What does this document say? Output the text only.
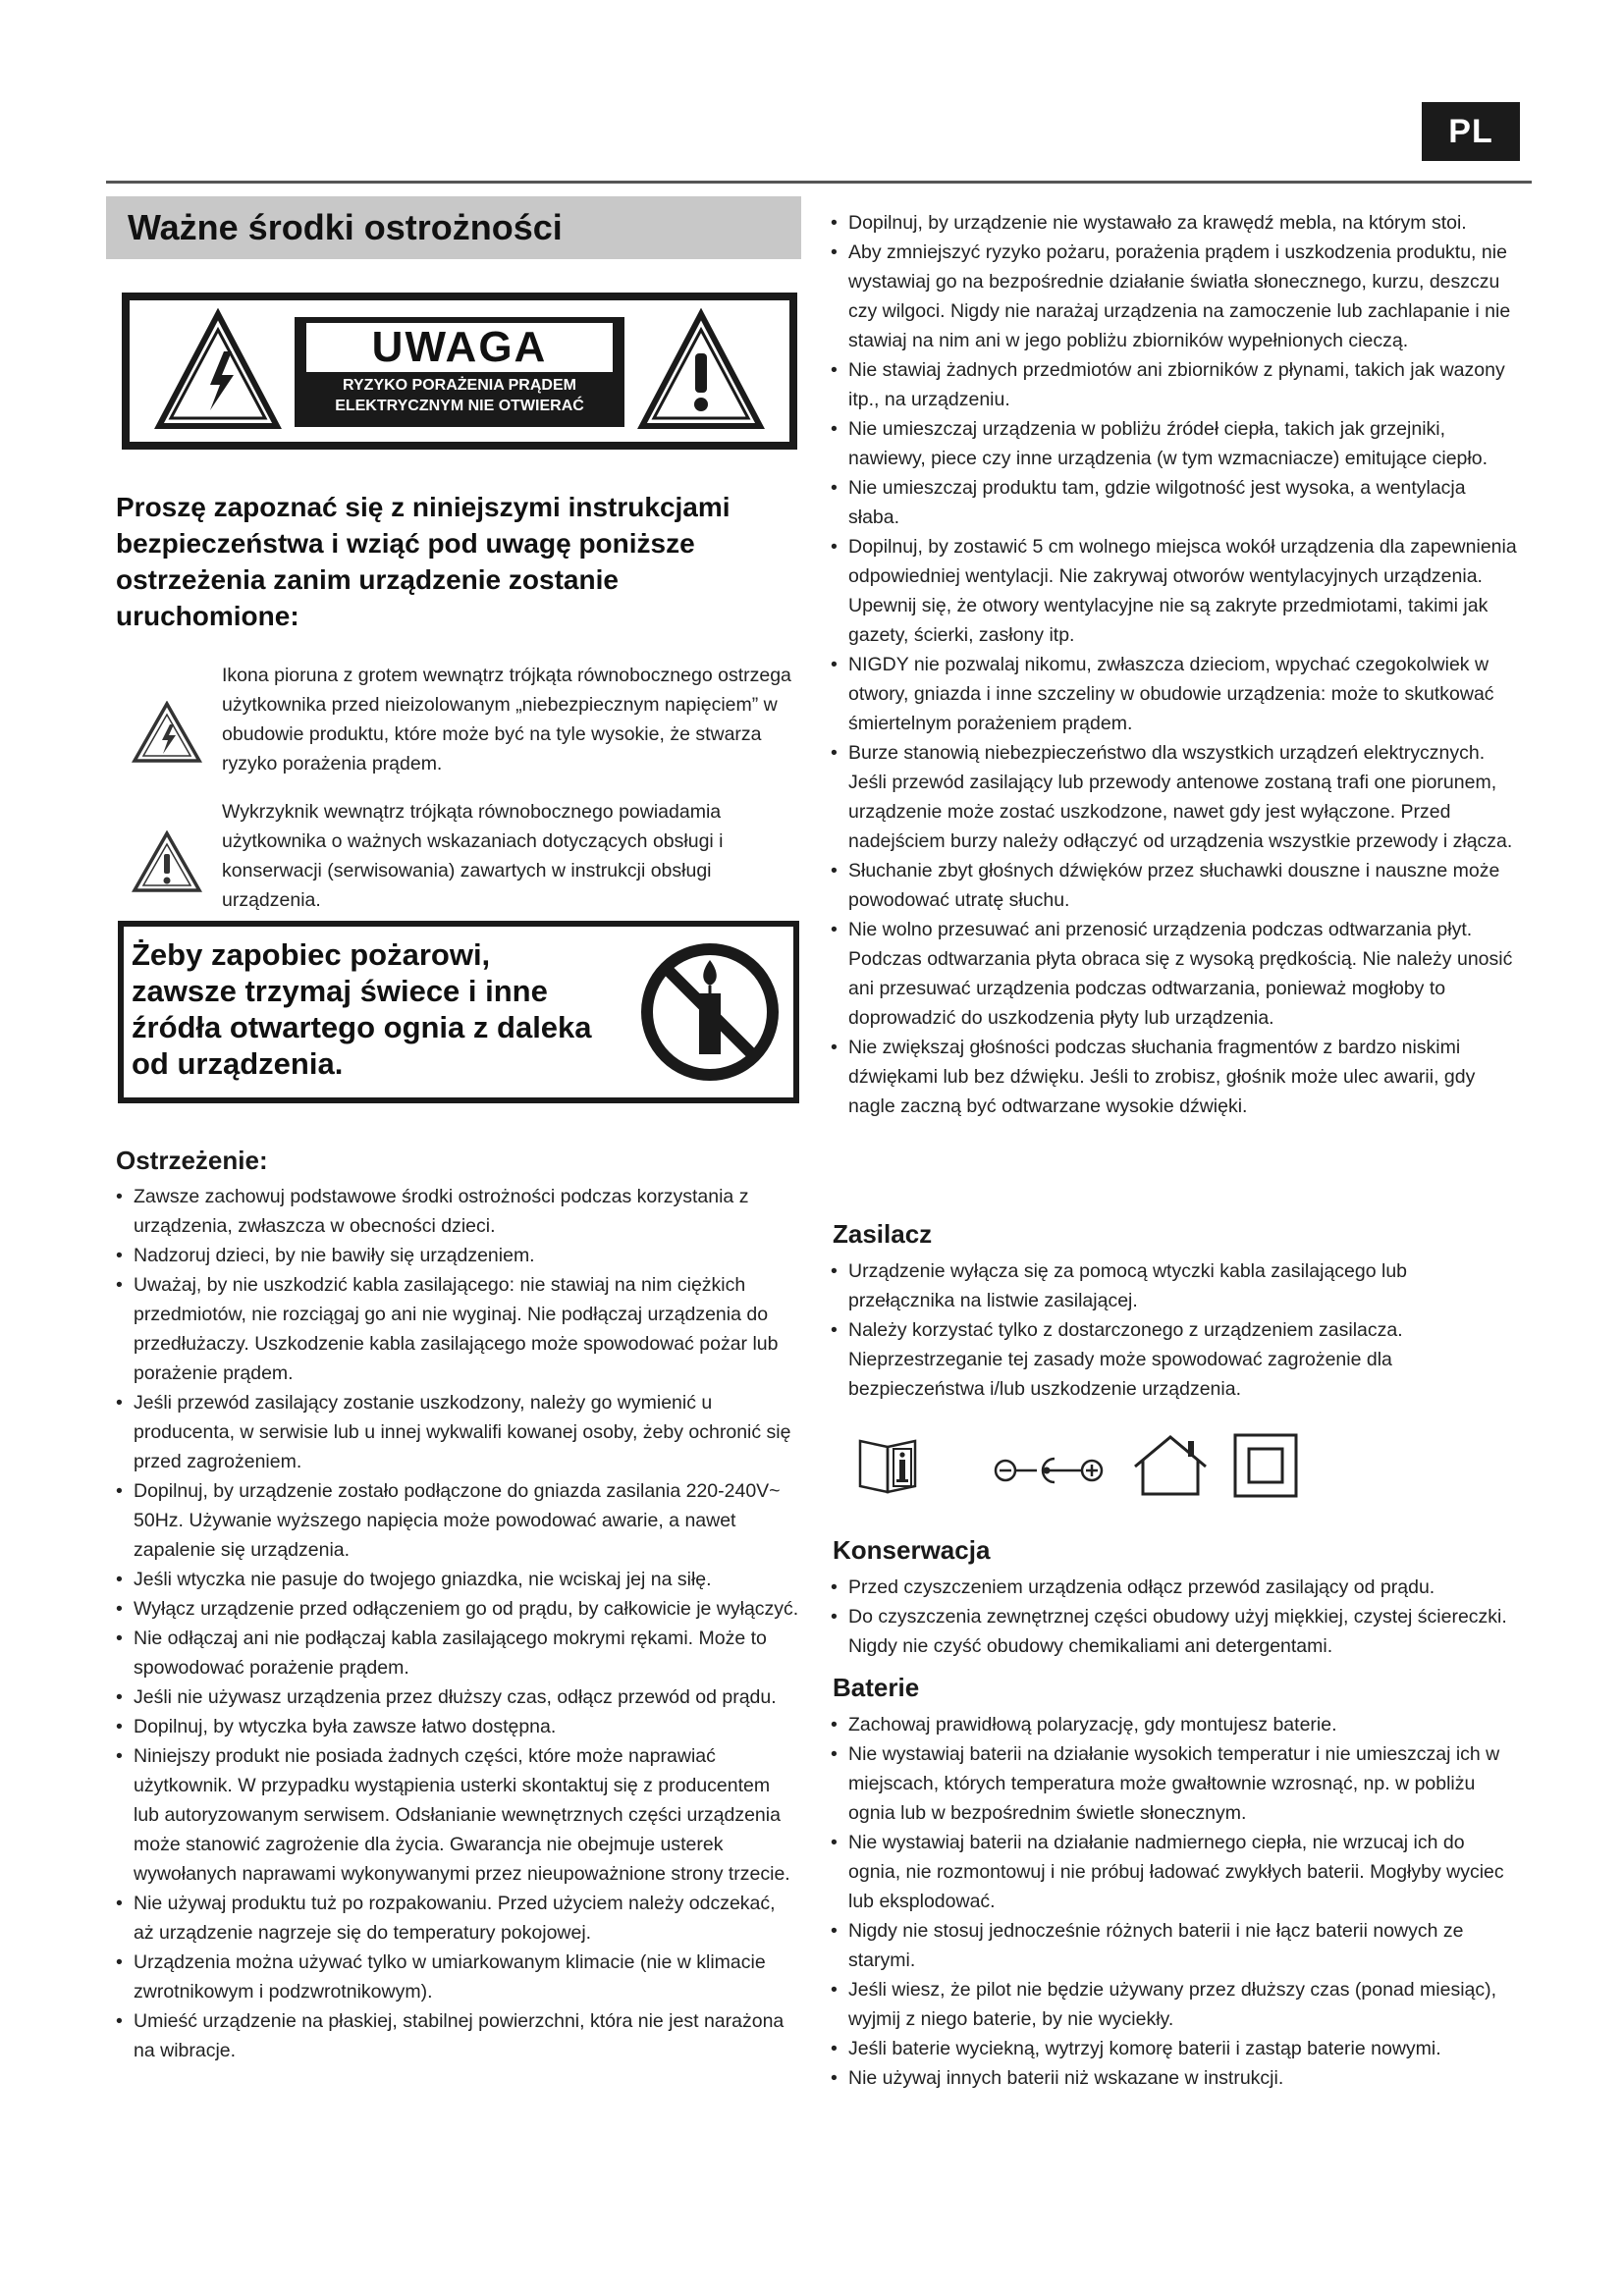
PL
Ważne środki ostrożności
UWAGA
RYZYKO PORAŻENIA PRĄDEM
ELEKTRYCZNYM NIE OTWIERAĆ
Proszę zapoznać się z niniejszymi instrukcjami bezpieczeństwa i wziąć pod uwagę poniższe ostrzeżenia zanim urządzenie zostanie uruchomione:
Ikona pioruna z grotem wewnątrz trójkąta równobocznego ostrzega użytkownika przed nieizolowanym „niebezpiecznym napięciem” w obudowie produktu, które może być na tyle wysokie, że stwarza ryzyko porażenia prądem.
Wykrzyknik wewnątrz trójkąta równobocznego powiadamia użytkownika o ważnych wskazaniach dotyczących obsługi i konserwacji (serwisowania) zawartych w instrukcji obsługi urządzenia.
Żeby zapobiec pożarowi, zawsze trzymaj świece i inne źródła otwartego ognia z daleka od urządzenia.
Ostrzeżenie:
• Zawsze zachowuj podstawowe środki ostrożności podczas korzystania z urządzenia, zwłaszcza w obecności dzieci.
• Nadzoruj dzieci, by nie bawiły się urządzeniem.
• Uważaj, by nie uszkodzić kabla zasilającego: nie stawiaj na nim ciężkich przedmiotów, nie rozciągaj go ani nie wyginaj. Nie podłączaj urządzenia do przedłużaczy. Uszkodzenie kabla zasilającego może spowodować pożar lub porażenie prądem.
• Jeśli przewód zasilający zostanie uszkodzony, należy go wymienić u producenta, w serwisie lub u innej wykwalifi kowanej osoby, żeby ochronić się przed zagrożeniem.
• Dopilnuj, by urządzenie zostało podłączone do gniazda zasilania 220-240V~ 50Hz. Używanie wyższego napięcia może powodować awarie, a nawet zapalenie się urządzenia.
• Jeśli wtyczka nie pasuje do twojego gniazdka, nie wciskaj jej na siłę.
• Wyłącz urządzenie przed odłączeniem go od prądu, by całkowicie je wyłączyć.
• Nie odłączaj ani nie podłączaj kabla zasilającego mokrymi rękami. Może to spowodować porażenie prądem.
• Jeśli nie używasz urządzenia przez dłuższy czas, odłącz przewód od prądu.
• Dopilnuj, by wtyczka była zawsze łatwo dostępna.
• Niniejszy produkt nie posiada żadnych części, które może naprawiać użytkownik. W przypadku wystąpienia usterki skontaktuj się z producentem lub autoryzowanym serwisem. Odsłanianie wewnętrznych części urządzenia może stanowić zagrożenie dla życia. Gwarancja nie obejmuje usterek wywołanych naprawami wykonywanymi przez nieupoważnione strony trzecie.
• Nie używaj produktu tuż po rozpakowaniu. Przed użyciem należy odczekać, aż urządzenie nagrzeje się do temperatury pokojowej.
• Urządzenia można używać tylko w umiarkowanym klimacie (nie w klimacie zwrotnikowym i podzwrotnikowym).
• Umieść urządzenie na płaskiej, stabilnej powierzchni, która nie jest narażona na wibracje.
• Dopilnuj, by urządzenie nie wystawało za krawędź mebla, na którym stoi.
• Aby zmniejszyć ryzyko pożaru, porażenia prądem i uszkodzenia produktu, nie wystawiaj go na bezpośrednie działanie światła słonecznego, kurzu, deszczu czy wilgoci. Nigdy nie narażaj urządzenia na zamoczenie lub zachlapanie i nie stawiaj na nim ani w jego pobliżu zbiorników wypełnionych cieczą.
• Nie stawiaj żadnych przedmiotów ani zbiorników z płynami, takich jak wazony itp., na urządzeniu.
• Nie umieszczaj urządzenia w pobliżu źródeł ciepła, takich jak grzejniki, nawiewy, piece czy inne urządzenia (w tym wzmacniacze) emitujące ciepło.
• Nie umieszczaj produktu tam, gdzie wilgotność jest wysoka, a wentylacja słaba.
• Dopilnuj, by zostawić 5 cm wolnego miejsca wokół urządzenia dla zapewnienia odpowiedniej wentylacji. Nie zakrywaj otworów wentylacyjnych urządzenia. Upewnij się, że otwory wentylacyjne nie są zakryte przedmiotami, takimi jak gazety, ścierki, zasłony itp.
• NIGDY nie pozwalaj nikomu, zwłaszcza dzieciom, wpychać czegokolwiek w otwory, gniazda i inne szczeliny w obudowie urządzenia: może to skutkować śmiertelnym porażeniem prądem.
• Burze stanowią niebezpieczeństwo dla wszystkich urządzeń elektrycznych. Jeśli przewód zasilający lub przewody antenowe zostaną trafi one piorunem, urządzenie może zostać uszkodzone, nawet gdy jest wyłączone. Przed nadejściem burzy należy odłączyć od urządzenia wszystkie przewody i złącza.
• Słuchanie zbyt głośnych dźwięków przez słuchawki douszne i nauszne może powodować utratę słuchu.
• Nie wolno przesuwać ani przenosić urządzenia podczas odtwarzania płyt. Podczas odtwarzania płyta obraca się z wysoką prędkością. Nie należy unosić ani przesuwać urządzenia podczas odtwarzania, ponieważ mogłoby to doprowadzić do uszkodzenia płyty lub urządzenia.
• Nie zwiększaj głośności podczas słuchania fragmentów z bardzo niskimi dźwiękami lub bez dźwięku. Jeśli to zrobisz, głośnik może ulec awarii, gdy nagle zaczną być odtwarzane wysokie dźwięki.
Zasilacz
• Urządzenie wyłącza się za pomocą wtyczki kabla zasilającego lub przełącznika na listwie zasilającej.
• Należy korzystać tylko z dostarczonego z urządzeniem zasilacza. Nieprzestrzeganie tej zasady może spowodować zagrożenie dla bezpieczeństwa i/lub uszkodzenie urządzenia.
Konserwacja
• Przed czyszczeniem urządzenia odłącz przewód zasilający od prądu.
• Do czyszczenia zewnętrznej części obudowy użyj miękkiej, czystej ściereczki. Nigdy nie czyść obudowy chemikaliami ani detergentami.
Baterie
• Zachowaj prawidłową polaryzację, gdy montujesz baterie.
• Nie wystawiaj baterii na działanie wysokich temperatur i nie umieszczaj ich w miejscach, których temperatura może gwałtownie wzrosnąć, np. w pobliżu ognia lub w bezpośrednim świetle słonecznym.
• Nie wystawiaj baterii na działanie nadmiernego ciepła, nie wrzucaj ich do ognia, nie rozmontowuj i nie próbuj ładować zwykłych baterii. Mogłyby wyciec lub eksplodować.
• Nigdy nie stosuj jednocześnie różnych baterii i nie łącz baterii nowych ze starymi.
• Jeśli wiesz, że pilot nie będzie używany przez dłuższy czas (ponad miesiąc), wyjmij z niego baterie, by nie wyciekły.
• Jeśli baterie wyciekną, wytrzyj komorę baterii i zastąp baterie nowymi.
• Nie używaj innych baterii niż wskazane w instrukcji.
